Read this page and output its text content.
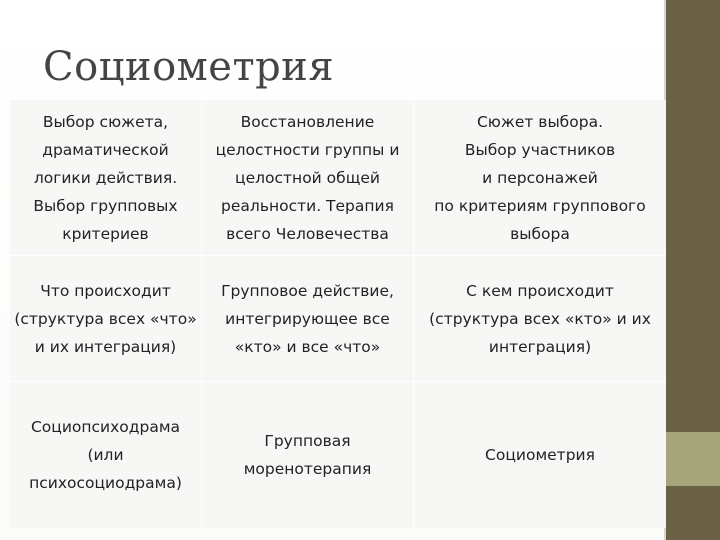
Социометрия
Выбор сюжета,
драматической
логики действия.
Выбор групповых
критериев
Восстановление
целостности группы и
целостной общей
реальности. Терапия
всего Человечества
Сюжет выбора.
Выбор участников
и персонажей
по критериям группового
выбора
Что происходит
(структура всех «что»
и их интеграция)
Групповое действие,
интегрирующее все
«кто» и все «что»
С кем происходит
(структура всех «кто» и их
интеграция)
Социопсиходрама
(или
психосоциодрама)
Групповая
моренотерапия
Социометрия
